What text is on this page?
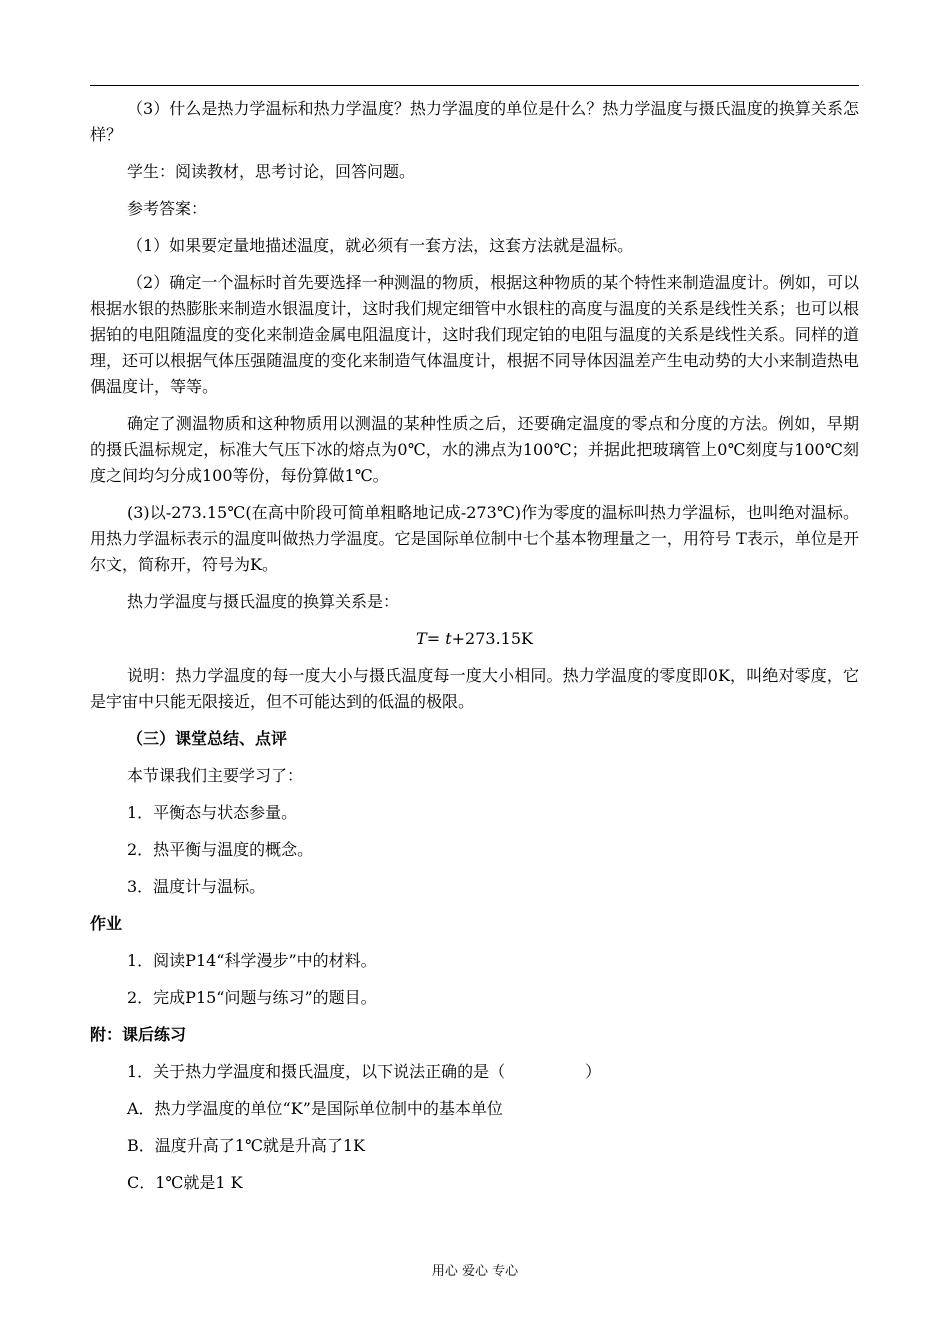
（3）什么是热力学温标和热力学温度？热力学温度的单位是什么？热力学温度与摄氏温度的换算关系怎样？

学生：阅读教材，思考讨论，回答问题。

参考答案：

（1）如果要定量地描述温度，就必须有一套方法，这套方法就是温标。

（2）确定一个温标时首先要选择一种测温的物质，根据这种物质的某个特性来制造温度计。例如，可以根据水银的热膨胀来制造水银温度计，这时我们规定细管中水银柱的高度与温度的关系是线性关系；也可以根据铂的电阻随温度的变化来制造金属电阻温度计，这时我们现定铂的电阻与温度的关系是线性关系。同样的道理，还可以根据气体压强随温度的变化来制造气体温度计，根据不同导体因温差产生电动势的大小来制造热电偶温度计，等等。

确定了测温物质和这种物质用以测温的某种性质之后，还要确定温度的零点和分度的方法。例如，早期的摄氏温标规定，标准大气压下冰的熔点为0℃，水的沸点为100℃；并据此把玻璃管上0℃刻度与100℃刻度之间均匀分成100等份，每份算做1℃。

(3)以-273.15℃(在高中阶段可简单粗略地记成-273℃)作为零度的温标叫热力学温标，也叫绝对温标。用热力学温标表示的温度叫做热力学温度。它是国际单位制中七个基本物理量之一，用符号 T表示，单位是开尔文，简称开，符号为K。

热力学温度与摄氏温度的换算关系是：

T= t+273.15K

说明：热力学温度的每一度大小与摄氏温度每一度大小相同。热力学温度的零度即0K，叫绝对零度，它是宇宙中只能无限接近，但不可能达到的低温的极限。

（三）课堂总结、点评

本节课我们主要学习了：

1．平衡态与状态参量。

2．热平衡与温度的概念。

3．温度计与温标。

作业

1．阅读P14“科学漫步”中的材料。

2．完成P15“问题与练习”的题目。

附：课后练习

1．关于热力学温度和摄氏温度，以下说法正确的是（　　　　　）

A．热力学温度的单位“K”是国际单位制中的基本单位

B．温度升高了1℃就是升高了1K

C．1℃就是1 K

用心 爱心 专心
